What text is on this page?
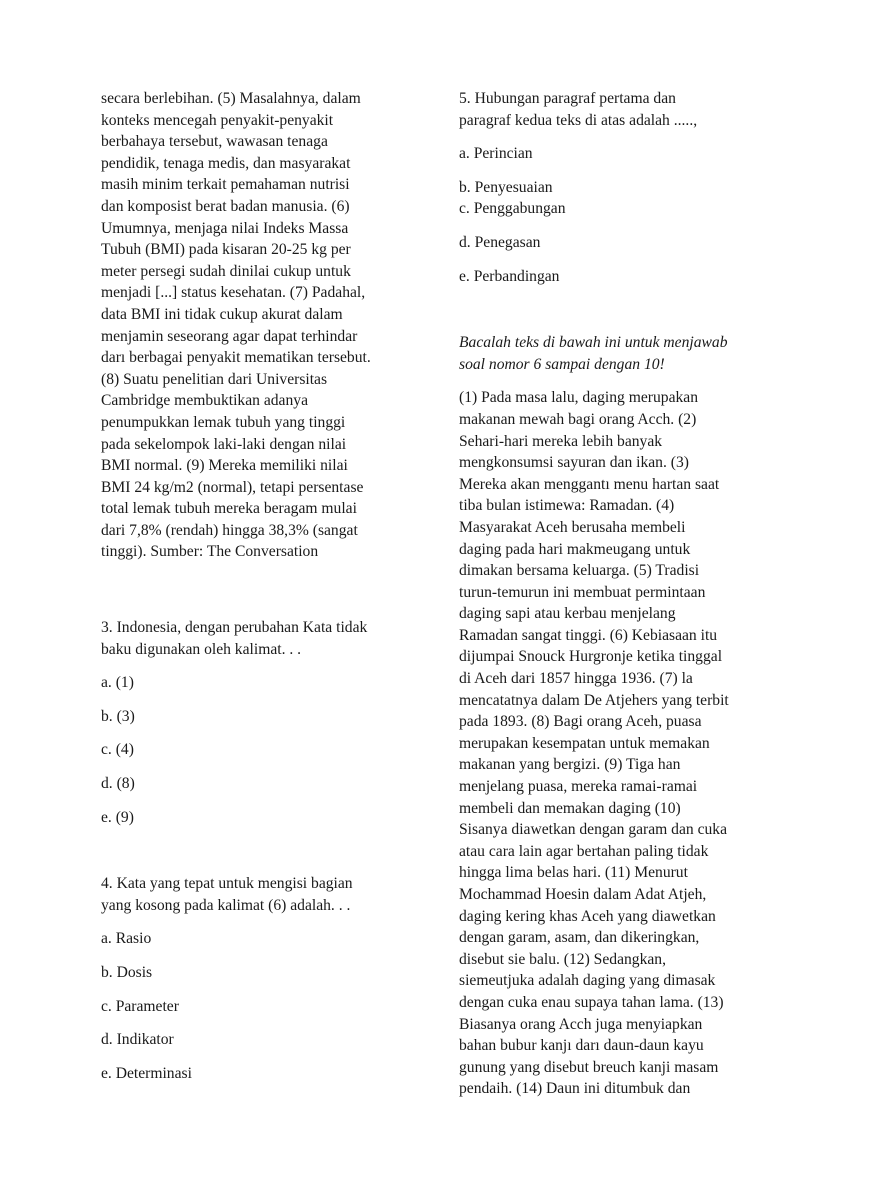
secara berlebihan. (5) Masalahnya, dalam
konteks mencegah penyakit-penyakit
berbahaya tersebut, wawasan tenaga
pendidik, tenaga medis, dan masyarakat
masih minim terkait pemahaman nutrisi
dan komposist berat badan manusia. (6)
Umumnya, menjaga nilai Indeks Massa
Tubuh (BMI) pada kisaran 20-25 kg per
meter persegi sudah dinilai cukup untuk
menjadi [...] status kesehatan. (7) Padahal,
data BMI ini tidak cukup akurat dalam
menjamin seseorang agar dapat terhindar
darı berbagai penyakit mematikan tersebut.
(8) Suatu penelitian dari Universitas
Cambridge membuktikan adanya
penumpukkan lemak tubuh yang tinggi
pada sekelompok laki-laki dengan nilai
BMI normal. (9) Mereka memiliki nilai
BMI 24 kg/m2 (normal), tetapi persentase
total lemak tubuh mereka beragam mulai
dari 7,8% (rendah) hingga 38,3% (sangat
tinggi). Sumber: The Conversation
3. Indonesia, dengan perubahan Kata tidak
baku digunakan oleh kalimat. . .
a. (1)
b. (3)
c. (4)
d. (8)
e. (9)
4. Kata yang tepat untuk mengisi bagian
yang kosong pada kalimat (6) adalah. . .
a. Rasio
b. Dosis
c. Parameter
d. Indikator
e. Determinasi
5. Hubungan paragraf pertama dan
paragraf kedua teks di atas adalah .....,
a. Perincian
b. Penyesuaian
c. Penggabungan
d. Penegasan
e. Perbandingan
Bacalah teks di bawah ini untuk menjawab
soal nomor 6 sampai dengan 10!
(1) Pada masa lalu, daging merupakan
makanan mewah bagi orang Acch. (2)
Sehari-hari mereka lebih banyak
mengkonsumsi sayuran dan ikan. (3)
Mereka akan menggantı menu hartan saat
tiba bulan istimewa: Ramadan. (4)
Masyarakat Aceh berusaha membeli
daging pada hari makmeugang untuk
dimakan bersama keluarga. (5) Tradisi
turun-temurun ini membuat permintaan
daging sapi atau kerbau menjelang
Ramadan sangat tinggi. (6) Kebiasaan itu
dijumpai Snouck Hurgronje ketika tinggal
di Aceh dari 1857 hingga 1936. (7) la
mencatatnya dalam De Atjehers yang terbit
pada 1893. (8) Bagi orang Aceh, puasa
merupakan kesempatan untuk memakan
makanan yang bergizi. (9) Tiga han
menjelang puasa, mereka ramai-ramai
membeli dan memakan daging (10)
Sisanya diawetkan dengan garam dan cuka
atau cara lain agar bertahan paling tidak
hingga lima belas hari. (11) Menurut
Mochammad Hoesin dalam Adat Atjeh,
daging kering khas Aceh yang diawetkan
dengan garam, asam, dan dikeringkan,
disebut sie balu. (12) Sedangkan,
siemeutjuka adalah daging yang dimasak
dengan cuka enau supaya tahan lama. (13)
Biasanya orang Acch juga menyiapkan
bahan bubur kanjı darı daun-daun kayu
gunung yang disebut breuch kanji masam
pendaih. (14) Daun ini ditumbuk dan
